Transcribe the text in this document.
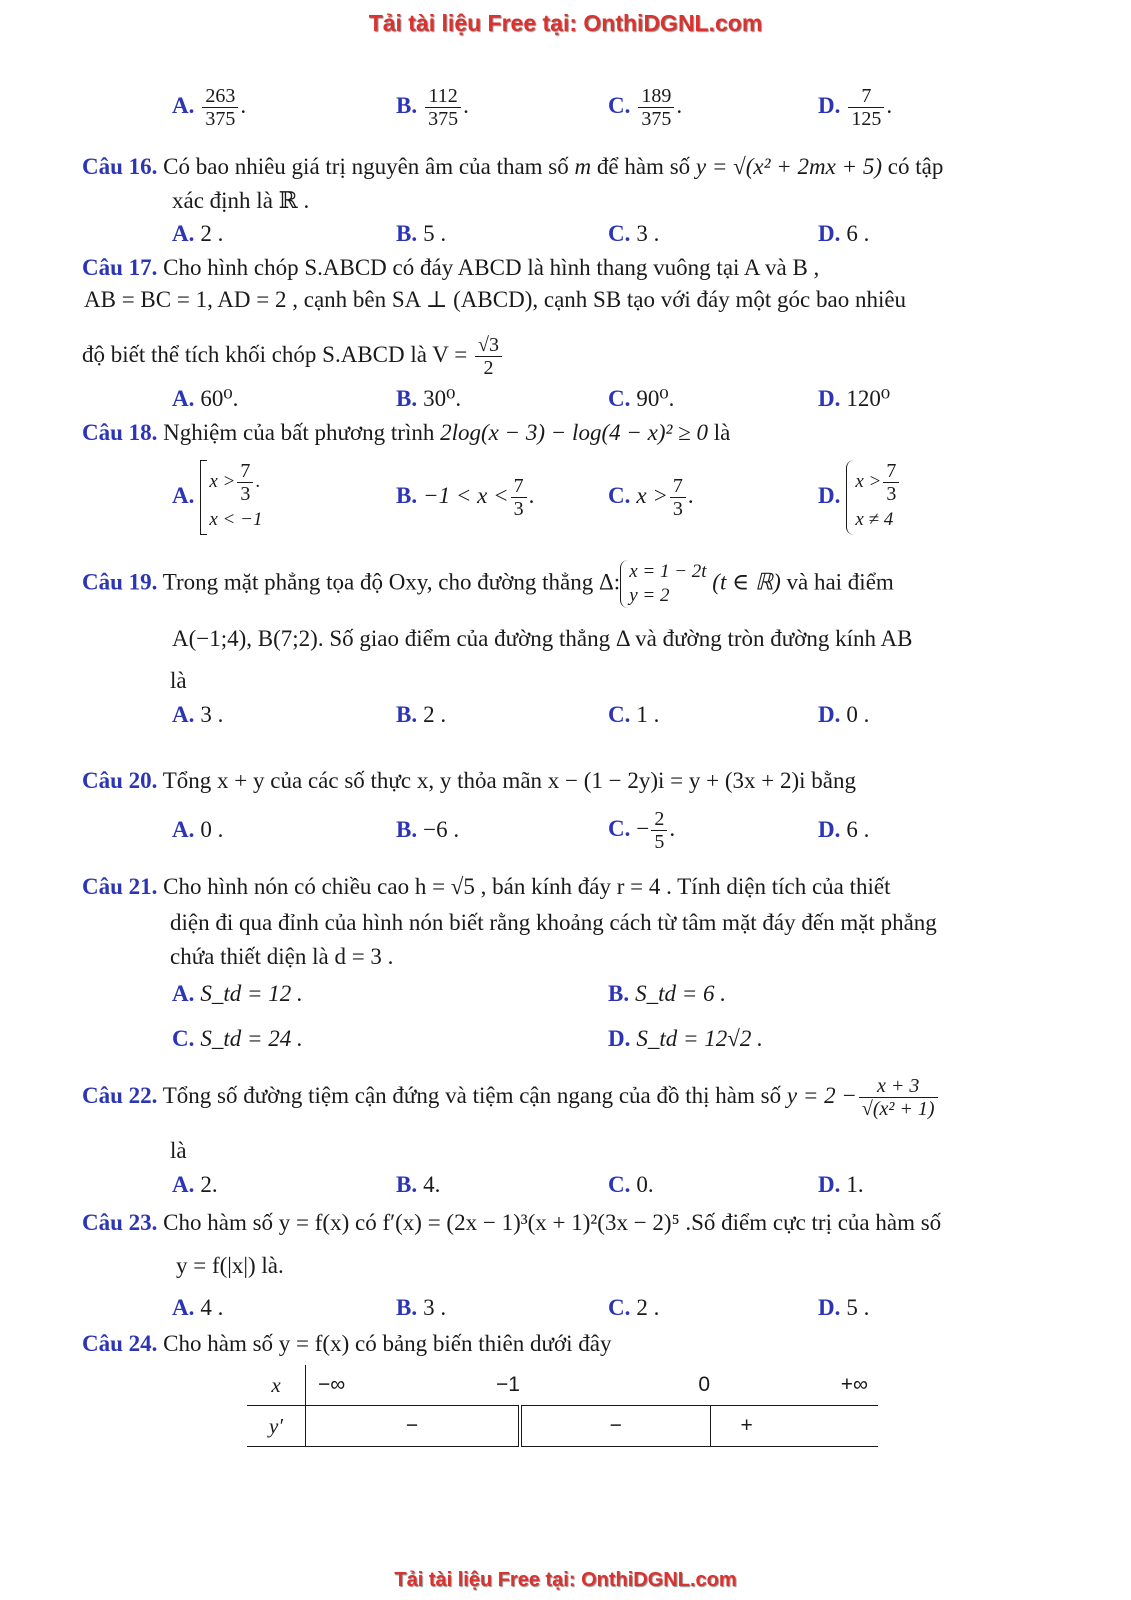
Tải tài liệu Free tại: OnthiDGNL.com
A. $\frac{263}{375}$ .	B. $\frac{112}{375}$ .	C. $\frac{189}{375}$ .	D. $\frac{7}{125}$ .
Câu 16. Có bao nhiêu giá trị nguyên âm của tham số m để hàm số y = √(x² + 2mx + 5) có tập
xác định là ℝ .
A. 2 .	B. 5 .	C. 3 .	D. 6 .
Câu 17. Cho hình chóp S.ABCD có đáy ABCD là hình thang vuông tại A và B ,
AB = BC = 1, AD = 2 , cạnh bên SA ⊥ (ABCD), cạnh SB tạo với đáy một góc bao nhiêu
độ biết thể tích khối chóp S.ABCD là $V = \frac{√3}{2}$
A. 60⁰.	B. 30⁰.	C. 90⁰.	D. 120⁰
Câu 18. Nghiệm của bất phương trình 2log(x − 3) − log(4 − x)² ≥ 0 là
A.
$x > \frac{7}{3}$ .
x < −1
B. $-1 < x < \frac{7}{3}$ .	C. $x > \frac{7}{3}$ .	D.
$x > \frac{7}{3}$
x ≠ 4
Câu 19. Trong mặt phẳng tọa độ Oxy, cho đường thẳng Δ: x = 1 − 2t
y = 2
(t ∈ ℝ) và hai điểm
A(−1;4), B(7;2). Số giao điểm của đường thẳng Δ và đường tròn đường kính AB
là
A. 3 .	B. 2 .	C. 1 .	D. 0 .
Câu 20. Tổng x + y của các số thực x, y thỏa mãn x − (1 − 2y)i = y + (3x + 2)i bằng
A. 0 .	B. −6 .	C. − $\frac{2}{5}$ .	D. 6 .
Câu 21. Cho hình nón có chiều cao h = √5 , bán kính đáy r = 4 . Tính diện tích của thiết
diện đi qua đỉnh của hình nón biết rằng khoảng cách từ tâm mặt đáy đến mặt phẳng
chứa thiết diện là d = 3 .
A. S_td = 12 .	B. S_td = 6 .
C. S_td = 24 .	D. S_td = 12√2 .
Câu 22. Tổng số đường tiệm cận đứng và tiệm cận ngang của đồ thị hàm số $y = 2 - \frac{x + 3}{\text{√(x² + 1)}}$
là
A. 2.	B. 4.	C. 0.	D. 1.
Câu 23. Cho hàm số y = f(x) có f′(x) = (2x − 1)³(x + 1)²(3x − 2)⁵ .Số điểm cực trị của hàm số
y = f(|x|) là.
A. 4 .	B. 3 .	C. 2 .	D. 5 .
Câu 24. Cho hàm số y = f(x) có bảng biến thiên dưới đây
x	−∞	−1	0	+∞
y′	−		−	+
Tải tài liệu Free tại: OnthiDGNL.com
